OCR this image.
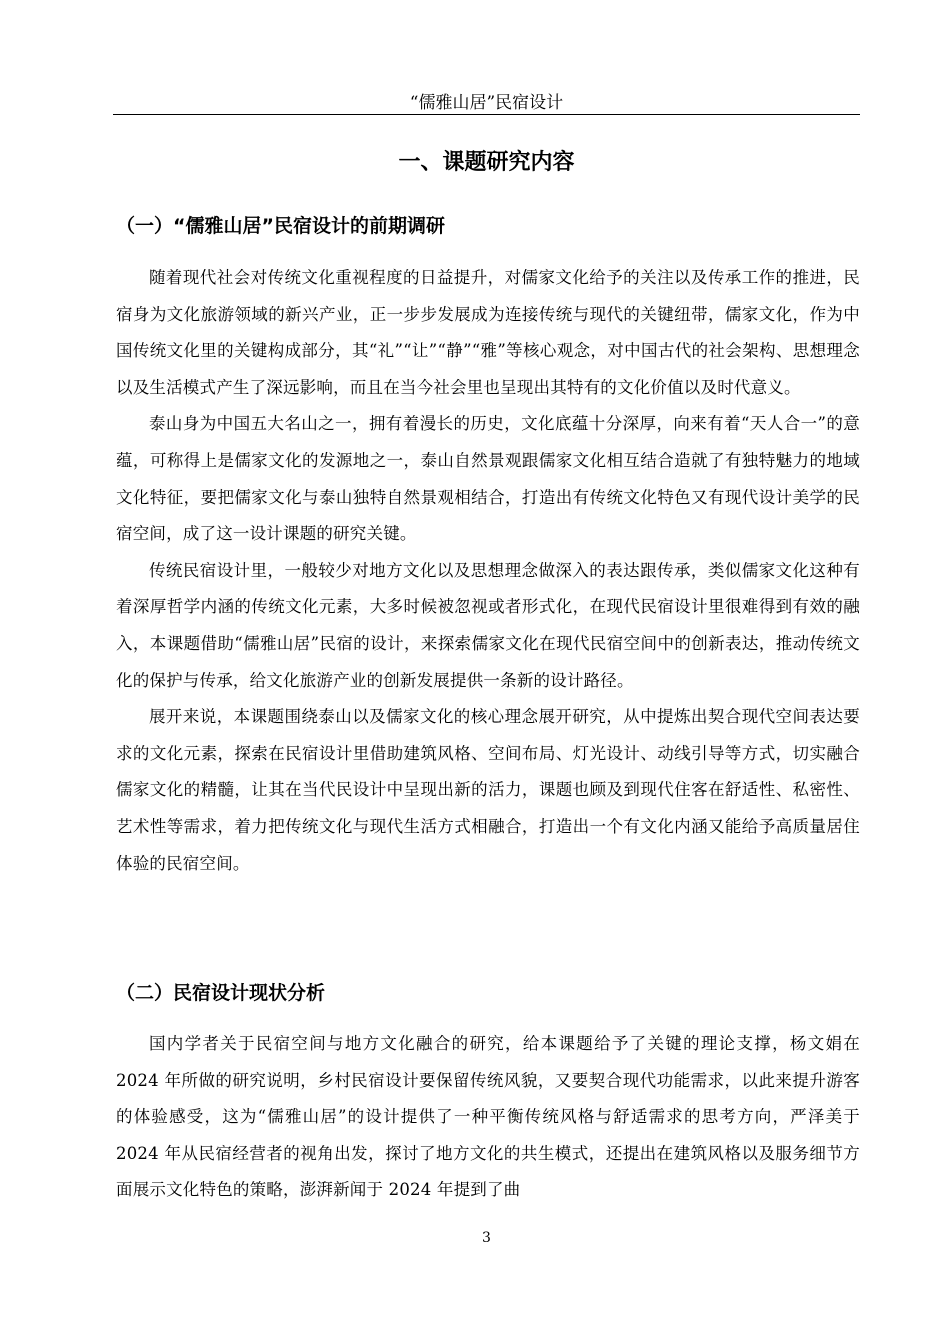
“儒雅山居”民宿设计
一、课题研究内容
（一）“儒雅山居”民宿设计的前期调研

随着现代社会对传统文化重视程度的日益提升，对儒家文化给予的关注以及传承工作的推进，民宿身为文化旅游领域的新兴产业，正一步步发展成为连接传统与现代的关键纽带，儒家文化，作为中国传统文化里的关键构成部分，其“礼”“让”“静”“雅”等核心观念，对中国古代的社会架构、思想理念以及生活模式产生了深远影响，而且在当今社会里也呈现出其特有的文化价值以及时代意义。

泰山身为中国五大名山之一，拥有着漫长的历史，文化底蕴十分深厚，向来有着“天人合一”的意蕴，可称得上是儒家文化的发源地之一，泰山自然景观跟儒家文化相互结合造就了有独特魅力的地域文化特征，要把儒家文化与泰山独特自然景观相结合，打造出有传统文化特色又有现代设计美学的民宿空间，成了这一设计课题的研究关键。

传统民宿设计里，一般较少对地方文化以及思想理念做深入的表达跟传承，类似儒家文化这种有着深厚哲学内涵的传统文化元素，大多时候被忽视或者形式化，在现代民宿设计里很难得到有效的融入，本课题借助“儒雅山居”民宿的设计，来探索儒家文化在现代民宿空间中的创新表达，推动传统文化的保护与传承，给文化旅游产业的创新发展提供一条新的设计路径。

展开来说，本课题围绕泰山以及儒家文化的核心理念展开研究，从中提炼出契合现代空间表达要求的文化元素，探索在民宿设计里借助建筑风格、空间布局、灯光设计、动线引导等方式，切实融合儒家文化的精髓，让其在当代民设计中呈现出新的活力，课题也顾及到现代住客在舒适性、私密性、艺术性等需求，着力把传统文化与现代生活方式相融合，打造出一个有文化内涵又能给予高质量居住体验的民宿空间。

（二）民宿设计现状分析

国内学者关于民宿空间与地方文化融合的研究，给本课题给予了关键的理论支撑，杨文娟在 2024 年所做的研究说明，乡村民宿设计要保留传统风貌，又要契合现代功能需求，以此来提升游客的体验感受，这为“儒雅山居”的设计提供了一种平衡传统风格与舒适需求的思考方向，严泽美于 2024 年从民宿经营者的视角出发，探讨了地方文化的共生模式，还提出在建筑风格以及服务细节方面展示文化特色的策略，澎湃新闻于 2024 年提到了曲

3
